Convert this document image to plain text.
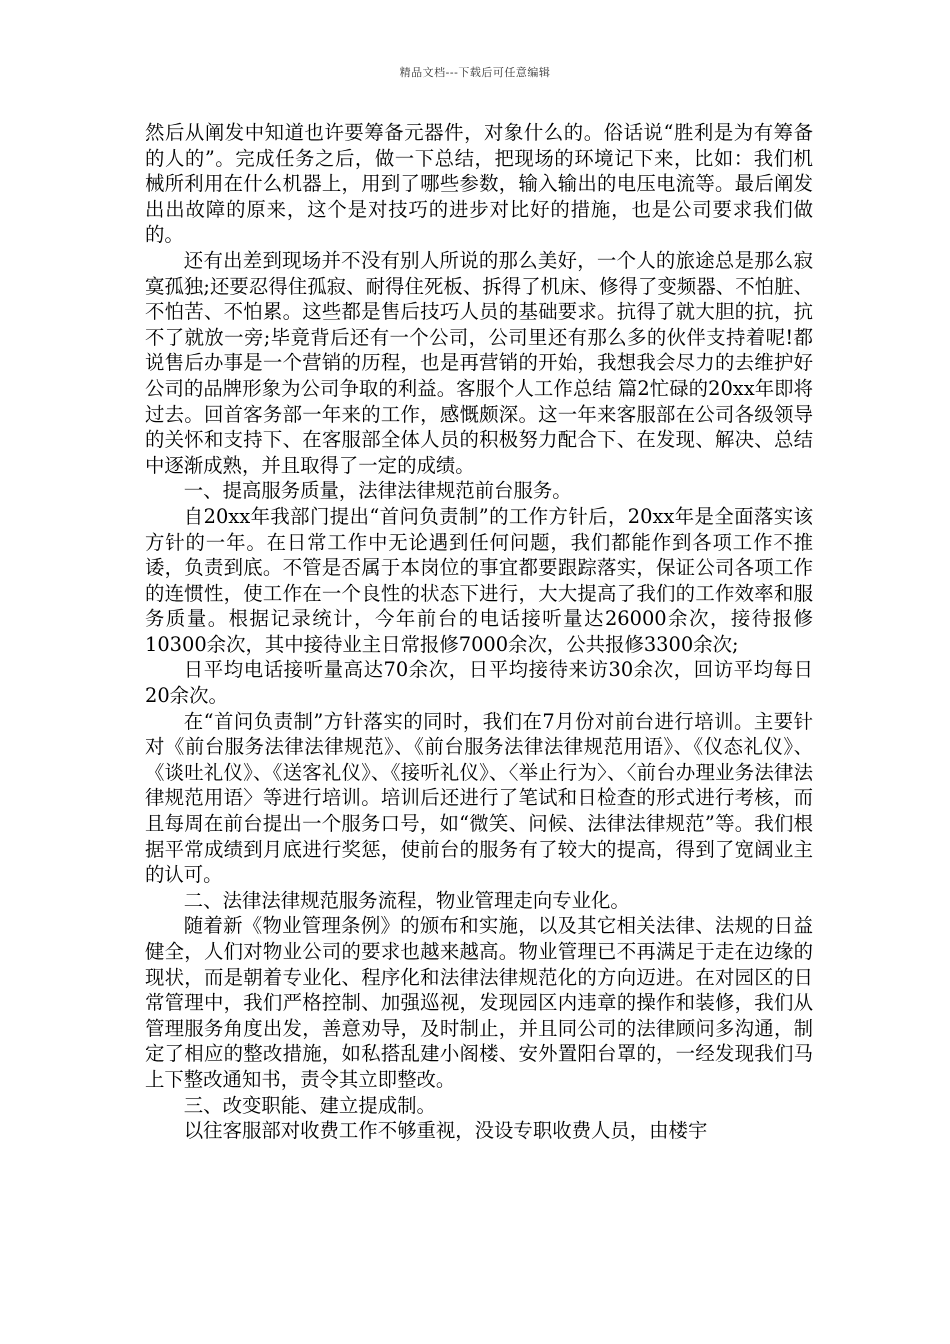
精品文档---下载后可任意编辑

然后从阐发中知道也许要筹备元器件，对象什么的。俗话说“胜利是为有筹备的人的”。完成任务之后，做一下总结，把现场的环境记下来，比如：我们机械所利用在什么机器上，用到了哪些参数，输入输出的电压电流等。最后阐发出出故障的原来，这个是对技巧的进步对比好的措施，也是公司要求我们做的。

还有出差到现场并不没有别人所说的那么美好，一个人的旅途总是那么寂寞孤独;还要忍得住孤寂、耐得住死板、拆得了机床、修得了变频器、不怕脏、不怕苦、不怕累。这些都是售后技巧人员的基础要求。抗得了就大胆的抗，抗不了就放一旁;毕竟背后还有一个公司，公司里还有那么多的伙伴支持着呢!都说售后办事是一个营销的历程，也是再营销的开始，我想我会尽力的去维护好公司的品牌形象为公司争取的利益。客服个人工作总结 篇2忙碌的20xx年即将过去。回首客务部一年来的工作，感慨颇深。这一年来客服部在公司各级领导的关怀和支持下、在客服部全体人员的积极努力配合下、在发现、解决、总结中逐渐成熟，并且取得了一定的成绩。

一、提高服务质量，法律法律规范前台服务。

自20xx年我部门提出“首问负责制”的工作方针后，20xx年是全面落实该方针的一年。在日常工作中无论遇到任何问题，我们都能作到各项工作不推诿，负责到底。不管是否属于本岗位的事宜都要跟踪落实，保证公司各项工作的连惯性，使工作在一个良性的状态下进行，大大提高了我们的工作效率和服务质量。根据记录统计，今年前台的电话接听量达26000余次，接待报修10300余次，其中接待业主日常报修7000余次，公共报修3300余次;

日平均电话接听量高达70余次，日平均接待来访30余次，回访平均每日20余次。

在“首问负责制”方针落实的同时，我们在7月份对前台进行培训。主要针对《前台服务法律法律规范》、《前台服务法律法律规范用语》、《仪态礼仪》、《谈吐礼仪》、《送客礼仪》、《接听礼仪》、〈举止行为〉、〈前台办理业务法律法律规范用语〉等进行培训。培训后还进行了笔试和日检查的形式进行考核，而且每周在前台提出一个服务口号，如“微笑、问候、法律法律规范”等。我们根据平常成绩到月底进行奖惩，使前台的服务有了较大的提高，得到了宽阔业主的认可。

二、法律法律规范服务流程，物业管理走向专业化。

随着新《物业管理条例》的颁布和实施，以及其它相关法律、法规的日益健全，人们对物业公司的要求也越来越高。物业管理已不再满足于走在边缘的现状，而是朝着专业化、程序化和法律法律规范化的方向迈进。在对园区的日常管理中，我们严格控制、加强巡视，发现园区内违章的操作和装修，我们从管理服务角度出发，善意劝导，及时制止，并且同公司的法律顾问多沟通，制定了相应的整改措施，如私搭乱建小阁楼、安外置阳台罩的，一经发现我们马上下整改通知书，责令其立即整改。

三、改变职能、建立提成制。

以往客服部对收费工作不够重视，没设专职收费人员，由楼宇
